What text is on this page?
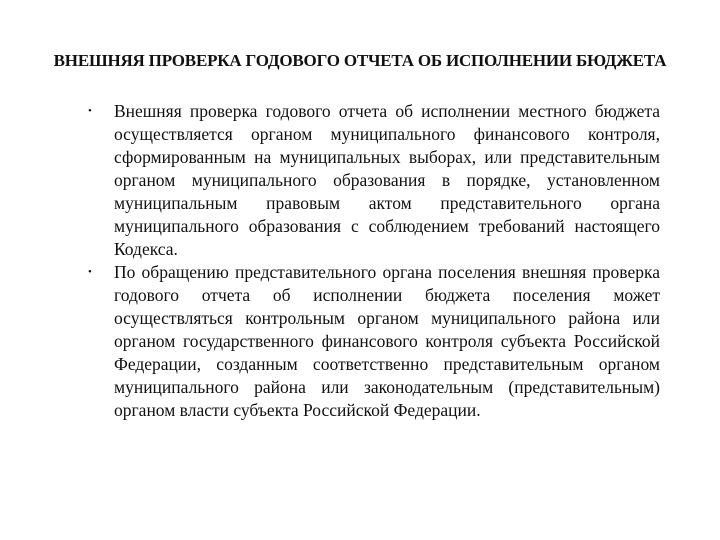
ВНЕШНЯЯ ПРОВЕРКА ГОДОВОГО ОТЧЕТА ОБ ИСПОЛНЕНИИ БЮДЖЕТА
•	Внешняя проверка годового отчета об исполнении местного бюджета осуществляется органом муниципального финансового контроля, сформированным на муниципальных выборах, или представительным органом муниципального образования в порядке, установленном муниципальным правовым актом представительного органа муниципального образования с соблюдением требований настоящего Кодекса.
•	По обращению представительного органа поселения внешняя проверка годового отчета об исполнении бюджета поселения может осуществляться контрольным органом муниципального района или органом государственного финансового контроля субъекта Российской Федерации, созданным соответственно представительным органом муниципального района или законодательным (представительным) органом власти субъекта Российской Федерации.
